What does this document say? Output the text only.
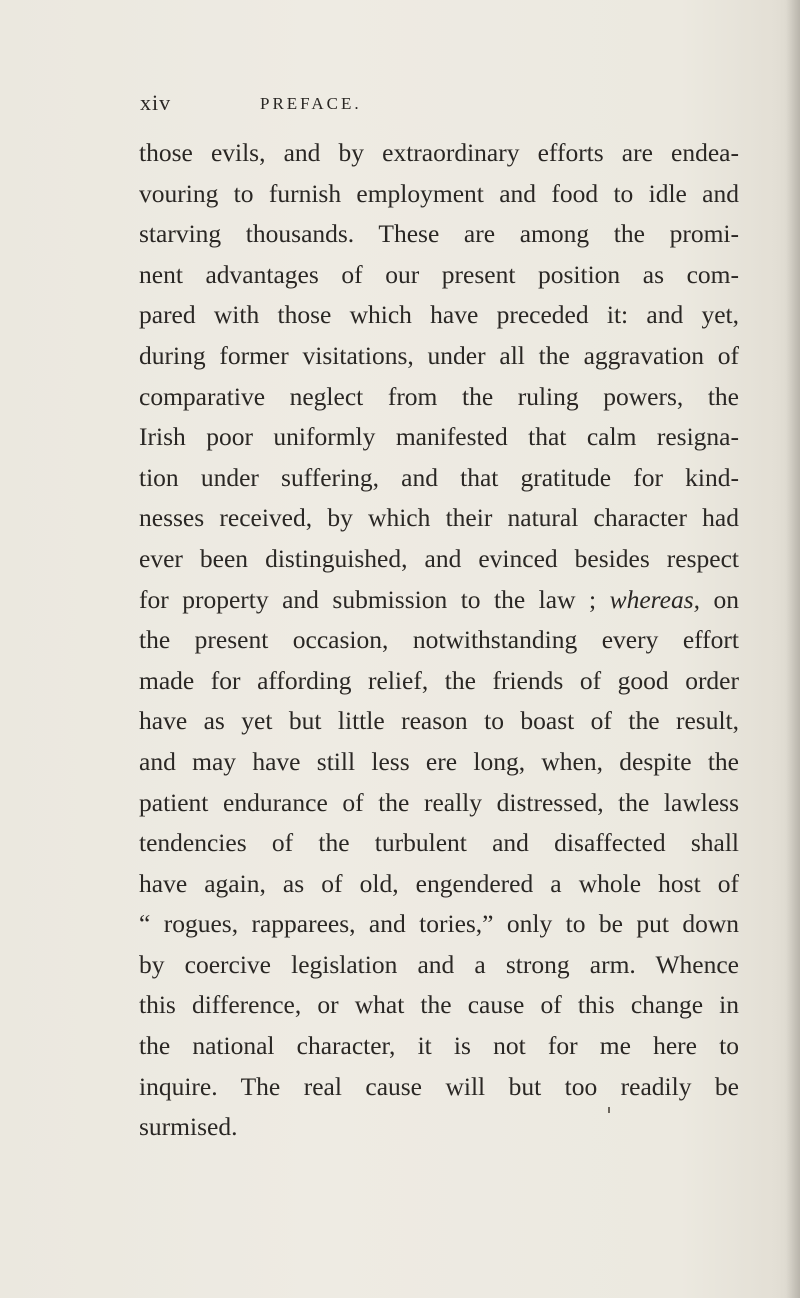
xiv	PREFACE.
those evils, and by extraordinary efforts are endea-
vouring to furnish employment and food to idle and
starving thousands. These are among the promi-
nent advantages of our present position as com-
pared with those which have preceded it: and yet,
during former visitations, under all the aggravation of
comparative neglect from the ruling powers, the
Irish poor uniformly manifested that calm resigna-
tion under suffering, and that gratitude for kind-
nesses received, by which their natural character had
ever been distinguished, and evinced besides respect
for property and submission to the law ; whereas, on
the present occasion, notwithstanding every effort
made for affording relief, the friends of good order
have as yet but little reason to boast of the result,
and may have still less ere long, when, despite the
patient endurance of the really distressed, the lawless
tendencies of the turbulent and disaffected shall
have again, as of old, engendered a whole host of
“ rogues, rapparees, and tories,” only to be put down
by coercive legislation and a strong arm. Whence
this difference, or what the cause of this change in
the national character, it is not for me here to
inquire. The real cause will but too readily be
surmised.
